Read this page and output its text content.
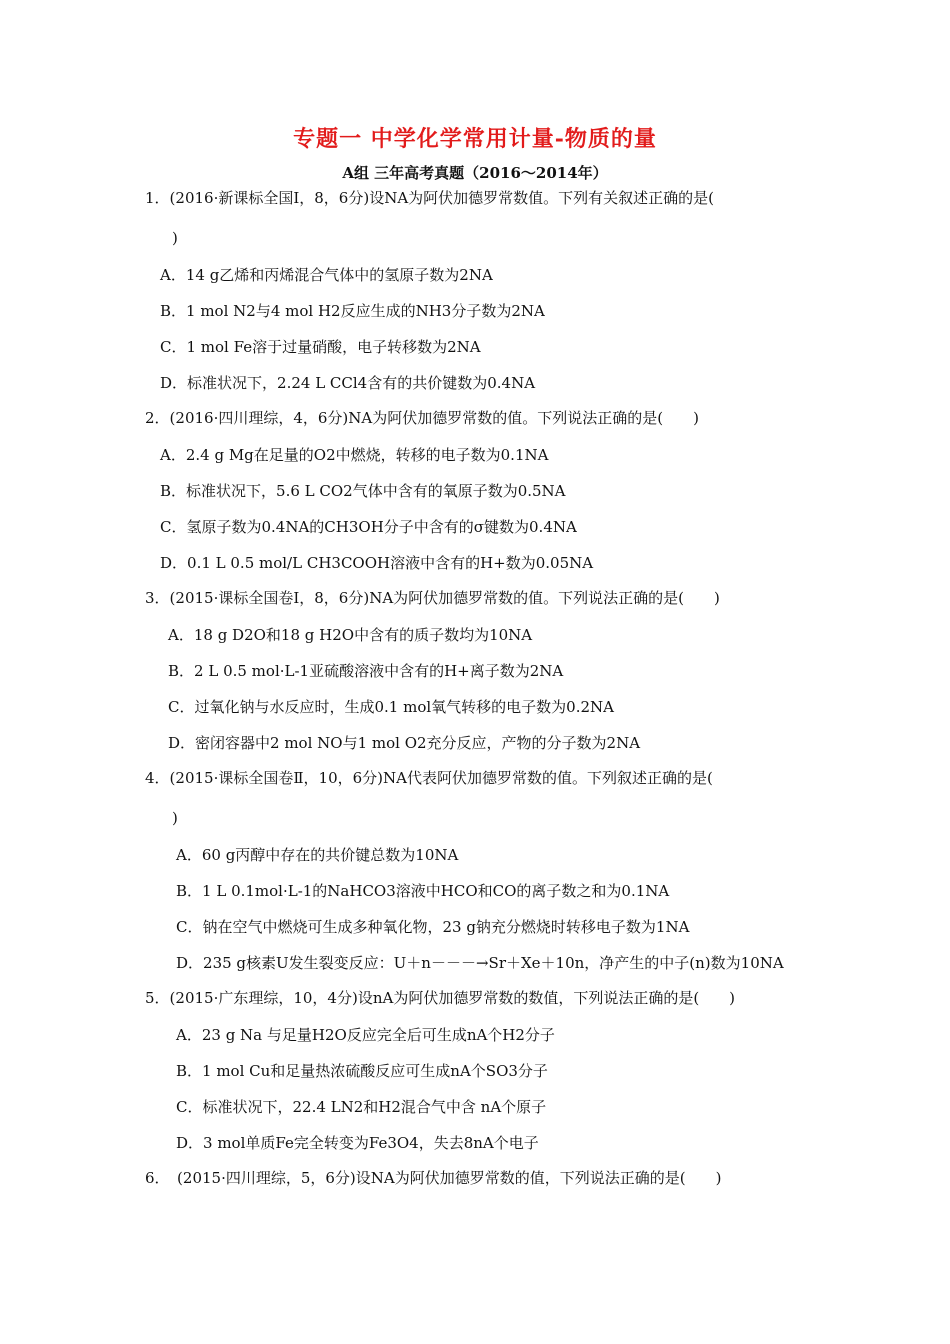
专题一 中学化学常用计量-物质的量
A组 三年高考真题（2016～2014年）
1．(2016·新课标全国Ⅰ，8，6分)设NA为阿伏加德罗常数值。下列有关叙述正确的是(
)
A．14 g乙烯和丙烯混合气体中的氢原子数为2NA
B．1 mol N2与4 mol H2反应生成的NH3分子数为2NA
C．1 mol Fe溶于过量硝酸，电子转移数为2NA
D．标准状况下，2.24 L CCl4含有的共价键数为0.4NA
2．(2016·四川理综，4，6分)NA为阿伏加德罗常数的值。下列说法正确的是(　　)
A．2.4 g Mg在足量的O2中燃烧，转移的电子数为0.1NA
B．标准状况下，5.6 L CO2气体中含有的氧原子数为0.5NA
C．氢原子数为0.4NA的CH3OH分子中含有的σ键数为0.4NA
D．0.1 L 0.5 mol/L CH3COOH溶液中含有的H+数为0.05NA
3．(2015·课标全国卷Ⅰ，8，6分)NA为阿伏加德罗常数的值。下列说法正确的是(　　)
A．18 g D2O和18 g H2O中含有的质子数均为10NA
B．2 L 0.5 mol·L-1亚硫酸溶液中含有的H+离子数为2NA
C．过氧化钠与水反应时，生成0.1 mol氧气转移的电子数为0.2NA
D．密闭容器中2 mol NO与1 mol O2充分反应，产物的分子数为2NA
4．(2015·课标全国卷Ⅱ，10，6分)NA代表阿伏加德罗常数的值。下列叙述正确的是(
)
A．60 g丙醇中存在的共价键总数为10NA
B．1 L 0.1mol·L-1的NaHCO3溶液中HCO和CO的离子数之和为0.1NA
C．钠在空气中燃烧可生成多种氧化物，23 g钠充分燃烧时转移电子数为1NA
D．235 g核素U发生裂变反应：U＋n－－－→Sr＋Xe＋10n，净产生的中子(n)数为10NA
5．(2015·广东理综，10，4分)设nA为阿伏加德罗常数的数值，下列说法正确的是(　　)
A．23 g Na 与足量H2O反应完全后可生成nA个H2分子
B．1 mol Cu和足量热浓硫酸反应可生成nA个SO3分子
C．标准状况下，22.4 LN2和H2混合气中含 nA个原子
D．3 mol单质Fe完全转变为Fe3O4，失去8nA个电子
6．　(2015·四川理综，5，6分)设NA为阿伏加德罗常数的值，下列说法正确的是(　　)
